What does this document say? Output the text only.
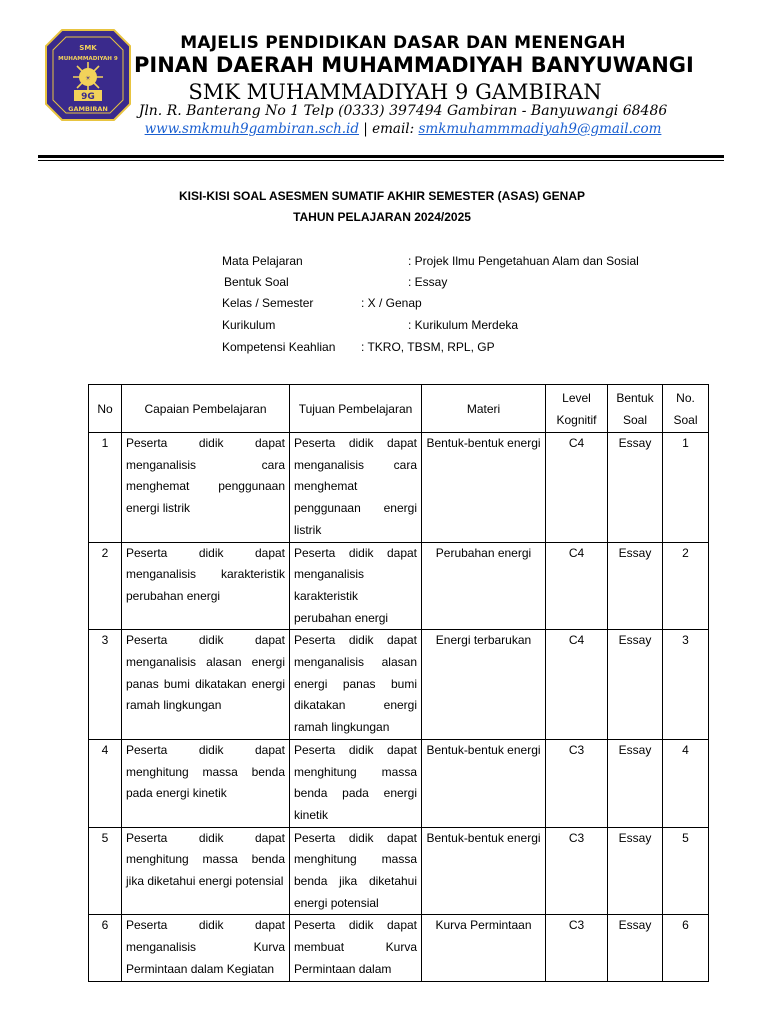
SMK
MUHAMMADIYAH 9
☀
9G
GAMBIRAN
MAJELIS PENDIDIKAN DASAR DAN MENENGAH
PINAN DAERAH MUHAMMADIYAH BANYUWANGI
SMK MUHAMMADIYAH 9 GAMBIRAN
Jln. R. Banterang No 1 Telp (0333) 397494 Gambiran - Banyuwangi 68486
www.smkmuh9gambiran.sch.id | email: smkmuhammmadiyah9@gmail.com
KISI-KISI SOAL ASESMEN SUMATIF AKHIR SEMESTER (ASAS) GENAP
TAHUN PELAJARAN 2024/2025
Mata Pelajaran	: Projek Ilmu Pengetahuan Alam dan Sosial
Bentuk Soal	: Essay
Kelas / Semester	: X / Genap
Kurikulum	: Kurikulum Merdeka
Kompetensi Keahlian : TKRO, TBSM, RPL, GP
No	Capaian Pembelajaran	Tujuan Pembelajaran	Materi	Level Kognitif	Bentuk Soal	No. Soal
1	Peserta didik dapat menganalisis cara menghemat penggunaan energi listrik	Peserta didik dapat menganalisis cara menghemat penggunaan energi listrik	Bentuk-bentuk energi	C4	Essay	1
2	Peserta didik dapat menganalisis karakteristik perubahan energi	Peserta didik dapat menganalisis karakteristik perubahan energi	Perubahan energi	C4	Essay	2
3	Peserta didik dapat menganalisis alasan energi panas bumi dikatakan energi ramah lingkungan	Peserta didik dapat menganalisis alasan energi panas bumi dikatakan energi ramah lingkungan	Energi terbarukan	C4	Essay	3
4	Peserta didik dapat menghitung massa benda pada energi kinetik	Peserta didik dapat menghitung massa benda pada energi kinetik	Bentuk-bentuk energi	C3	Essay	4
5	Peserta didik dapat menghitung massa benda jika diketahui energi potensial	Peserta didik dapat menghitung massa benda jika diketahui energi potensial	Bentuk-bentuk energi	C3	Essay	5
6	Peserta didik dapat menganalisis Kurva Permintaan dalam Kegiatan	Peserta didik dapat membuat Kurva Permintaan dalam	Kurva Permintaan	C3	Essay	6
